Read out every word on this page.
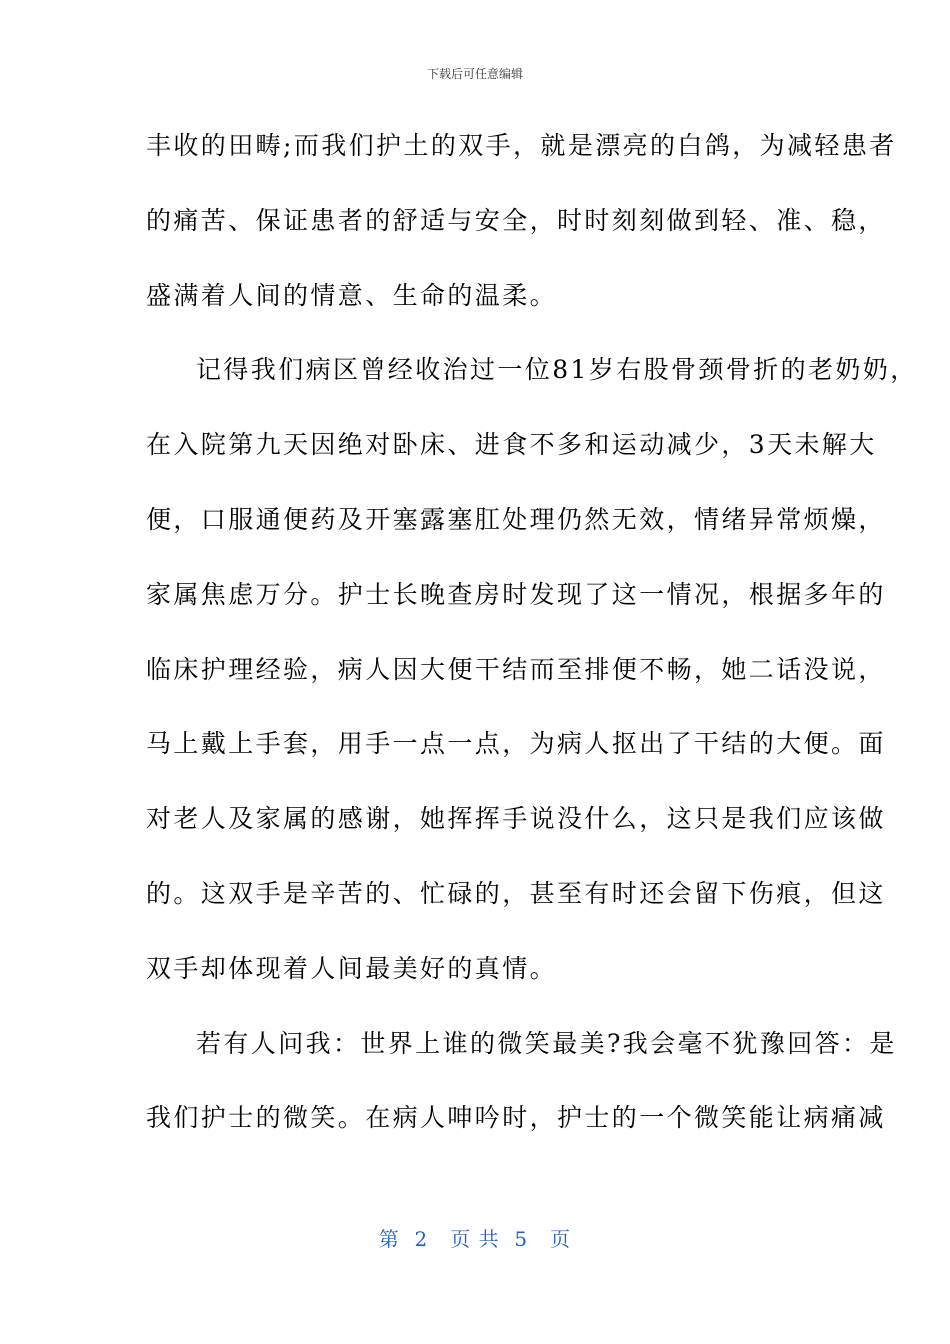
下载后可任意编辑
丰收的田畴;而我们护土的双手，就是漂亮的白鸽，为减轻患者
的痛苦、保证患者的舒适与安全，时时刻刻做到轻、准、稳，
盛满着人间的情意、生命的温柔。
记得我们病区曾经收治过一位81岁右股骨颈骨折的老奶奶，
在入院第九天因绝对卧床、进食不多和运动减少，3天未解大
便，口服通便药及开塞露塞肛处理仍然无效，情绪异常烦燥，
家属焦虑万分。护士长晚查房时发现了这一情况，根据多年的
临床护理经验，病人因大便干结而至排便不畅，她二话没说，
马上戴上手套，用手一点一点，为病人抠出了干结的大便。面
对老人及家属的感谢，她挥挥手说没什么，这只是我们应该做
的。这双手是辛苦的、忙碌的，甚至有时还会留下伤痕，但这
双手却体现着人间最美好的真情。
若有人问我：世界上谁的微笑最美?我会毫不犹豫回答：是
我们护士的微笑。在病人呻吟时，护士的一个微笑能让病痛减
第  2   页 共  5   页
